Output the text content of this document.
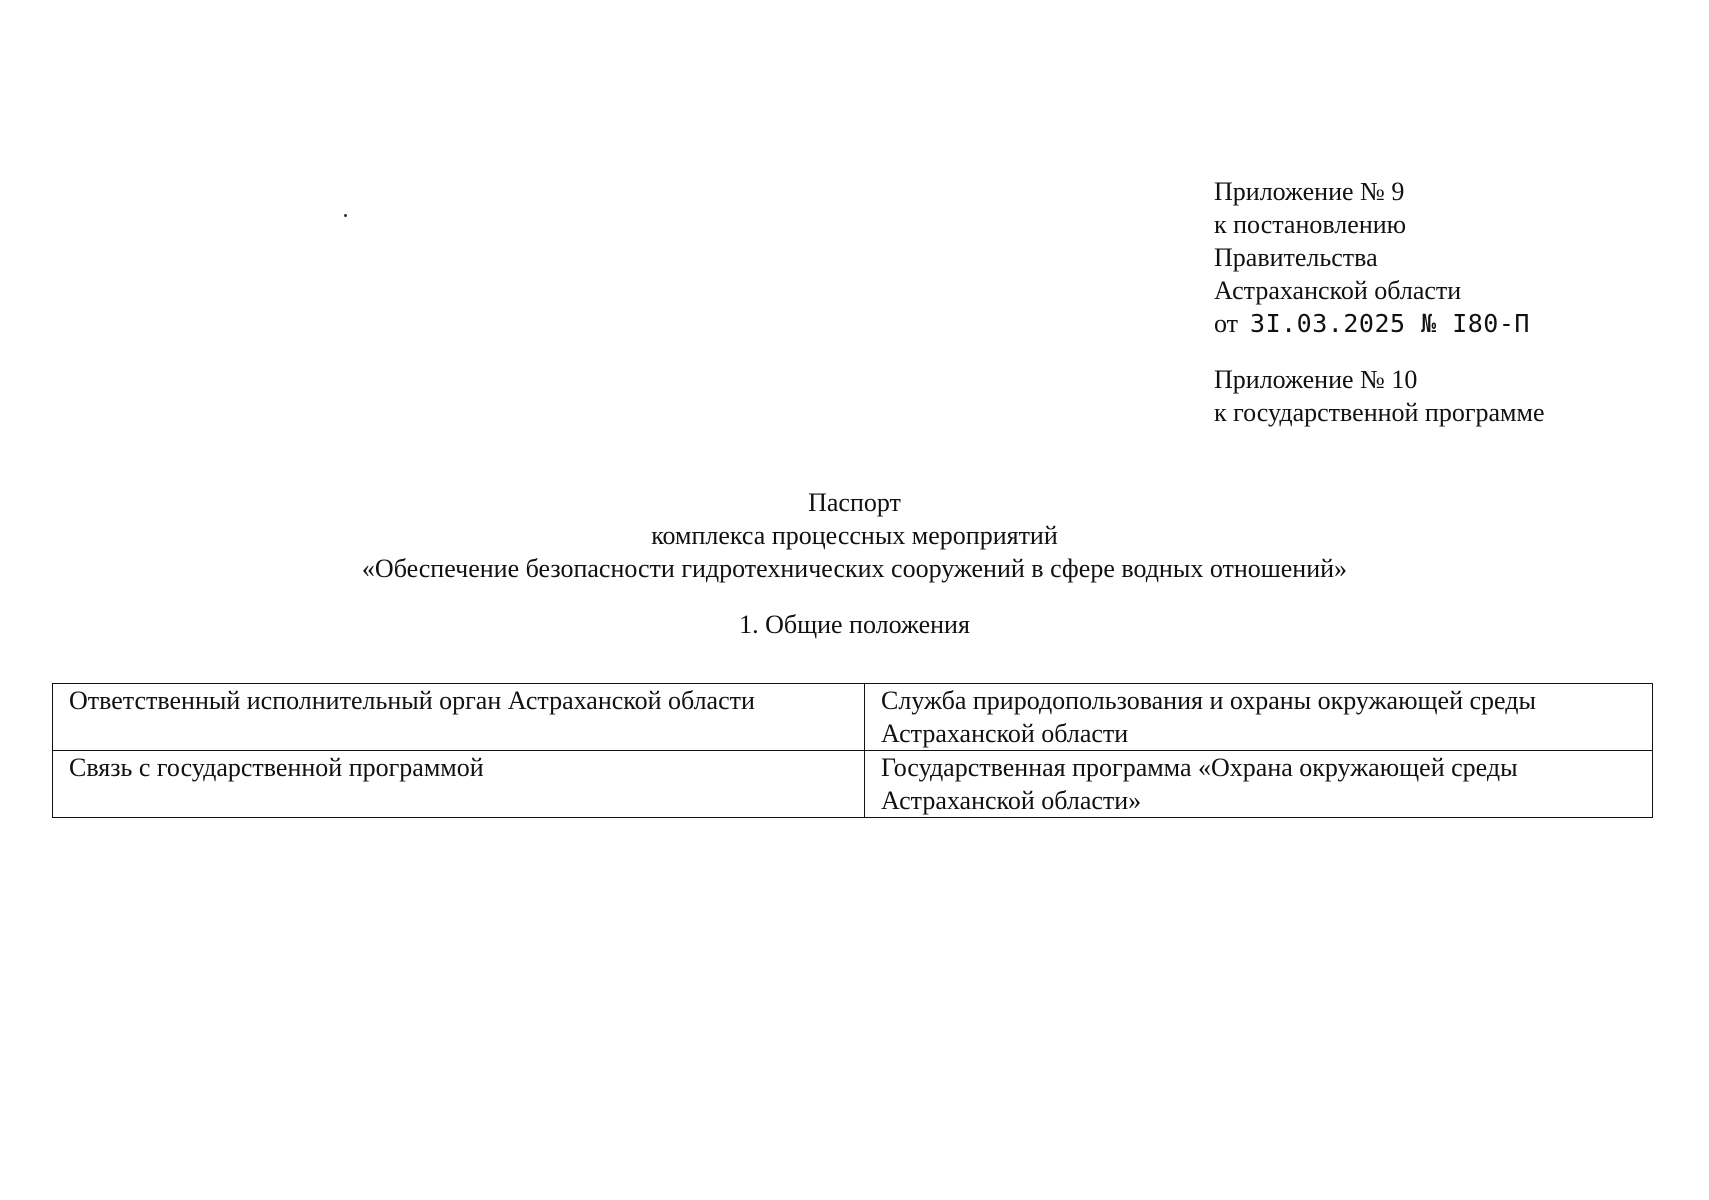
Приложение № 9
к постановлению
Правительства
Астраханской области
от 3I.03.2025 № I80-П
Приложение № 10
к государственной программе
Паспорт
комплекса процессных мероприятий
«Обеспечение безопасности гидротехнических сооружений в сфере водных отношений»
1. Общие положения
Ответственный исполнительный орган Астраханской области	Служба природопользования и охраны окружающей среды Астраханской области
Связь с государственной программой	Государственная программа «Охрана окружающей среды Астраханской области»
